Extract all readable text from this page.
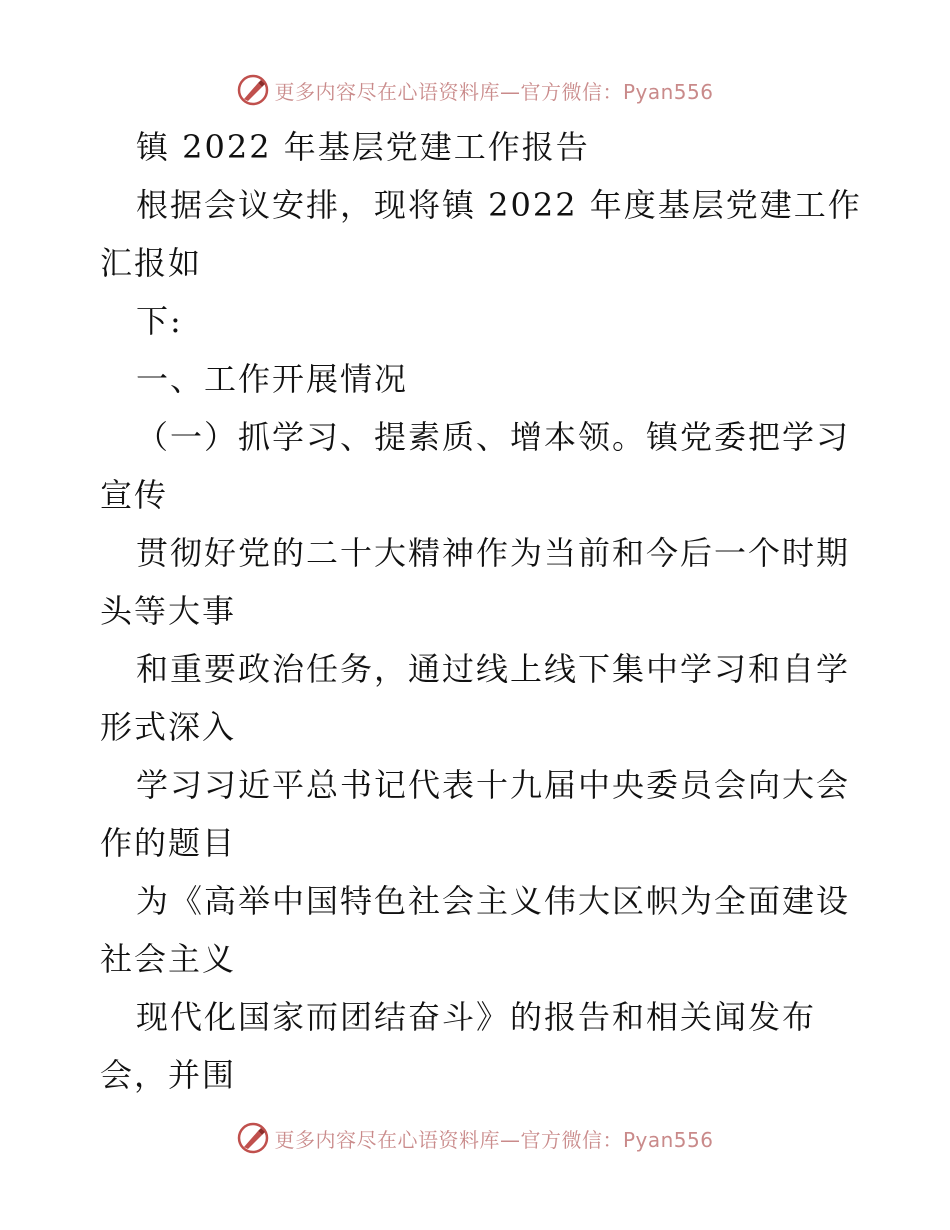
更多内容尽在心语资料库—官方微信：Pyan556
镇 2022 年基层党建工作报告
根据会议安排，现将镇 2022 年度基层党建工作
汇报如
下:
一、工作开展情况
（一）抓学习、提素质、增本领。镇党委把学习
宣传
贯彻好党的二十大精神作为当前和今后一个时期
头等大事
和重要政治任务，通过线上线下集中学习和自学
形式深入
学习习近平总书记代表十九届中央委员会向大会
作的题目
为《高举中国特色社会主义伟大区帜为全面建设
社会主义
现代化国家而团结奋斗》的报告和相关闻发布
会，并围
更多内容尽在心语资料库—官方微信：Pyan556
